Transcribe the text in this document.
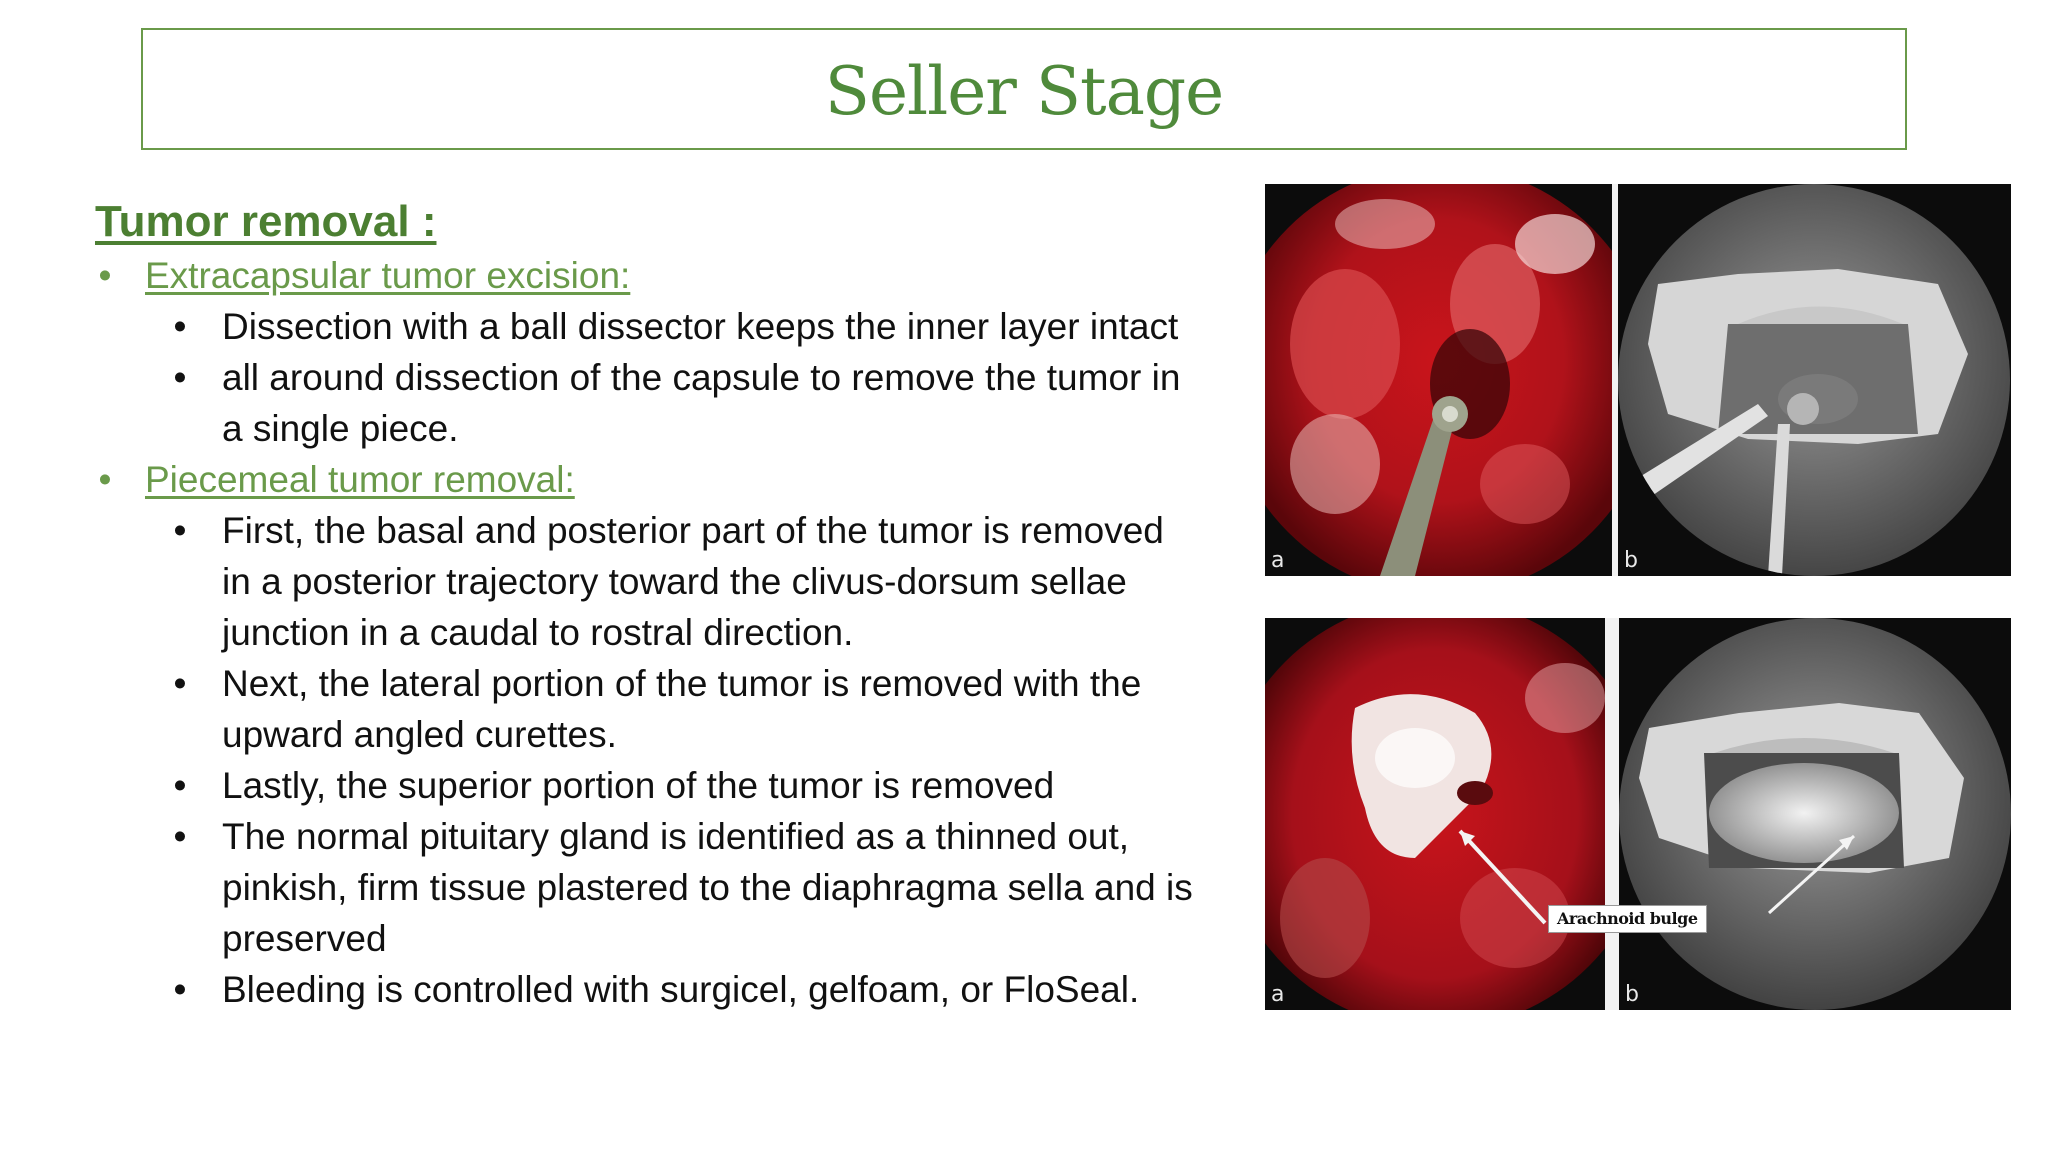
Seller Stage
Tumor removal :
• Extracapsular tumor excision:
• Dissection with a ball dissector keeps the inner layer intact
• all around dissection of the capsule to remove the tumor in
a single piece.
• Piecemeal tumor removal:
• First, the basal and posterior part of the tumor is removed
in a posterior trajectory toward the clivus-dorsum sellae
junction in a caudal to rostral direction.
• Next, the lateral portion of the tumor is removed with the
upward angled curettes.
• Lastly, the superior portion of the tumor is removed
• The normal pituitary gland is identified as a thinned out,
pinkish, firm tissue plastered to the diaphragma sella and is
preserved
• Bleeding is controlled with surgicel, gelfoam, or FloSeal.
a	b
a	b
Arachnoid bulge
